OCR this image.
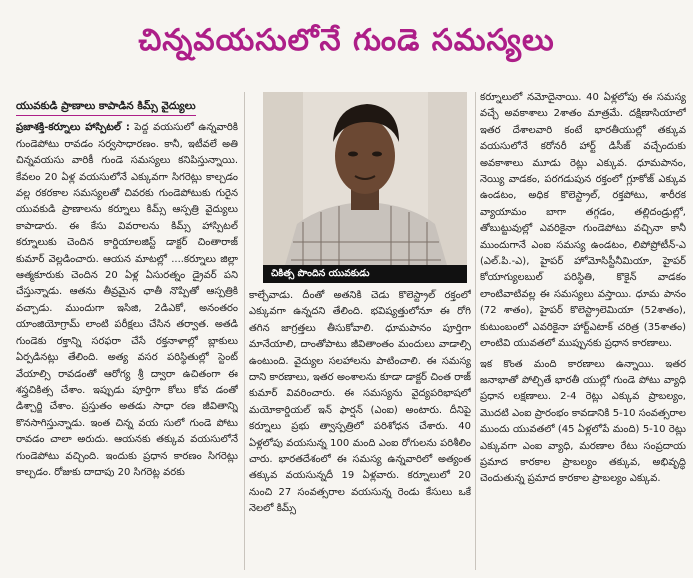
చిన్నవయసులోనే గుండె సమస్యలు
యువకుడి ప్రాణాలు కాపాడిన కిమ్స్ వైద్యులు

ప్రజాశక్తి-కర్నూలు హాస్పిటల్ : పెద్ద వయసులో ఉన్నవారికి గుండెపోటు రావడం సర్వసాధారణం. కానీ, ఇటీవలే అతి చిన్నవయసు వారికీ గుండె సమస్యలు కనిపిస్తున్నాయి. కేవలం 20 ఏళ్ల వయసులోనే ఎక్కువగా సిగరెట్లు కాల్చడం వల్ల రకరకాల సమస్యలతో చివరకు గుండెపోటుకు గురైన యువకుడి ప్రాణాలను కర్నూలు కిమ్స్ ఆస్పత్రి వైద్యులు కాపాడారు. ఈ కేసు వివరాలను కిమ్స్ హాస్పిటల్ కర్నూలుకు చెందిన కార్డియాలజిస్ట్ డాక్టర్ చింతారాజ్ కుమార్ వెల్లడించారు. ఆయన మాటల్లో ....కర్నూలు జిల్లా ఆత్మకూరుకు చెందిన 20 ఏళ్ల ఏసురత్నం డ్రైవర్ పని చేస్తున్నాడు. ఆతను తీవ్రమైన ఛాతీ నొప్పితో ఆస్పత్రికి వచ్చాడు. ముందుగా ఇసిజి, 2డిఎకో, అనంతరం యాంజియోగ్రామ్ లాంటి పరీక్షలు చేసిన తర్వాత. అతడి గుండెకు రక్తాన్ని సరఫరా చేసే రక్తనాళాల్లో బ్లాకులు ఏర్పడినట్లు తేలింది. అత్య వసర పరిస్థితుల్లో స్టెంట్ వేయాల్సి రావడంతో ఆరోగ్య శ్రీ ద్వారా ఉచితంగా ఈ శస్త్రచికిత్స చేశాం. ఇప్పుడు పూర్తిగా కోలు కోవ డంతో డిశ్చార్జి చేశాం. ప్రస్తుతం అతడు సాధా రణ జీవితాన్ని కొనసాగిస్తున్నాడు. ఇంత చిన్న వయ సులో గుండె పోటు రావడం చాలా అరుదు. ఆయనకు తక్కువ వయసులోనే గుండెపోటు వచ్చింది. ఇందుకు ప్రధాన కారణం సిగరెట్లు కాల్చడం. రోజుకు దాదాపు 20 సిగరెట్ల వరకు

చికిత్స పొందిన యువకుడు

కాల్చేవాడు. దీంతో అతనికి చెడు కొలెస్ట్రాల్ రక్తంలో ఎక్కువగా ఉన్నదని తేలింది. భవిష్యత్తులోనూ ఈ రోగి తగిన జాగ్రత్తలు తీసుకోవాలి. ధూమపానం పూర్తిగా మానేయాలి, దాంతోపాటు జీవితాంతం మందులు వాడాల్సి ఉంటుంది. వైద్యుల సలహాలను పాటించాలి. ఈ సమస్య దాని కారణాలు, ఇతర అంశాలను కూడా డాక్టర్ చింత రాజ్ కుమార్ వివరించారు. ఈ సమస్యను వైద్యపరిభాషలో మయోకార్డియల్ ఇన్ ఫార్షన్ (ఎంఐ) అంటారు. దీనిపై కర్నూలు ప్రభు త్వాస్పత్రిలో పరిశోధన చేశారు. 40 ఏళ్లలోపు వయసున్న 100 మంది ఎంఐ రోగులను పరిశీలిం చారు. భారతదేశంలో ఈ సమస్య ఉన్నవారిలో అత్యంత తక్కువ వయసున్నదీ 19 ఏళ్లవారు. కర్నూలులో 20 నుంచి 27 సంవత్సరాల వయసున్న రెండు కేసులు ఒకే నెలలో కిమ్స్

కర్నూలులో నమోదైనాయి. 40 ఏళ్లలోపు ఈ సమస్య వచ్చే అవకాశాలు 2శాతం మాత్రమే. దక్షిణాసియాలో ఇతర దేశాలవారి కంటే భారతీయుల్లో తక్కువ వయసులోనే కరోనరీ హార్ట్ డిసీజ్ వచ్చేందుకు అవకాశాలు మూడు రెట్లు ఎక్కువ. ధూమపానం, నెయ్యి వాడకం, పరగడుపున రక్తంలో గ్లూకోజ్ ఎక్కువ ఉండటం, అధిక కొలెస్ట్రాల్, రక్తపోటు, శారీరక వ్యాయామం బాగా తగ్గడం, తల్లిదండ్రుల్లో, తోబుట్టువుల్లో ఎవరికైనా గుండెపోటు వచ్చినా కానీ ముందుగానే ఎంఐ సమస్య ఉండటం, లిపోప్రోటీన్-ఎ (ఎల్.పి.-ఎ), హైపర్ హోమోసిస్టీనీమియా, హైపర్ కోయాగ్యులబుల్ పరిస్థితి, కొకైన్ వాడకం లాంటివాటివల్ల ఈ సమస్యలు వస్తాయి. ధూమ పానం (72 శాతం), హైపర్ కొలెస్ట్రాలెమియా (52శాతం), కుటుంబంలో ఎవరికైనా హార్ట్ఎటాక్ చరిత్ర (35శాతం) లాంటివి యువతలో ముప్పునకు ప్రధాన కారణాలు.

ఇక కొంత మంది కారణాలు ఉన్నాయి. ఇతర జనాభాతో పోల్చితే భారతీ యుల్లో గుండె పోటు వ్యాధి ప్రధాన లక్షణాలు. 2-4 రెట్లు ఎక్కువ ప్రాబల్యం, మొదటి ఎంఐ ప్రారంభం కావడానికి 5-10 సంవత్సరాల ముందు యువతలో (45 ఏళ్లలోపే మంది) 5-10 రెట్లు ఎక్కువగా ఎంఐ వ్యాధి, మరణాల రేటు సంప్రదాయ ప్రమాద కారకాల ప్రాబల్యం తక్కువ, అభివృద్ధి చెందుతున్న ప్రమాద కారకాల ప్రాబల్యం ఎక్కువ.
